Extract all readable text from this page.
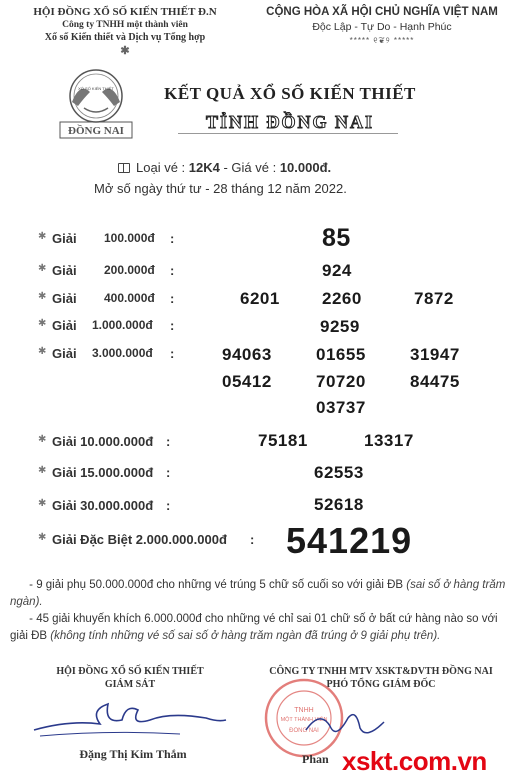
HỘI ĐỒNG XỔ SỐ KIẾN THIẾT Đ.N
Công ty TNHH một thành viên
Xổ số Kiến thiết và Dịch vụ Tổng hợp
✱
CỘNG HÒA XÃ HỘI CHỦ NGHĨA VIỆT NAM
Độc Lập - Tự Do - Hạnh Phúc
***** ୧❦୨ *****
XỔ SỐ KIẾN THIẾT
ĐỒNG NAI
KẾT QUẢ XỔ SỐ KIẾN THIẾT
TỈNH ĐỒNG NAI
Loại vé : 12K4 - Giá vé : 10.000đ.
Mở số ngày thứ tư - 28 tháng 12 năm 2022.
✱ Giải 100.000đ :	85
✱ Giải 200.000đ :	924
✱ Giải 400.000đ :	6201 2260	7872
✱ Giải 1.000.000đ :	9259
✱ Giải 3.000.000đ :	94063	01655	31947
05412	70720	84475
03737
✱ Giải 10.000.000đ :	75181	13317
✱ Giải 15.000.000đ :	62553
✱ Giải 30.000.000đ :	52618
✱ Giải Đặc Biệt 2.000.000.000đ : 541219
- 9 giải phụ 50.000.000đ cho những vé trúng 5 chữ số cuối so với giải ĐB (sai số ở hàng trăm ngàn).
- 45 giải khuyến khích 6.000.000đ cho những vé chỉ sai 01 chữ số ở bất cứ hàng nào so với giải ĐB (không tính những vé số sai số ở hàng trăm ngàn đã trúng ở 9 giải phụ trên).
HỘI ĐỒNG XỔ SỐ KIẾN THIẾT
GIÁM SÁT
Đặng Thị Kim Thắm
CÔNG TY TNHH MTV XSKT&DVTH ĐỒNG NAI
PHÓ TỔNG GIÁM ĐỐC
TNHH
MỘT THÀNH VIÊN
ĐỒNG NAI
Phan xskt.com.vn
